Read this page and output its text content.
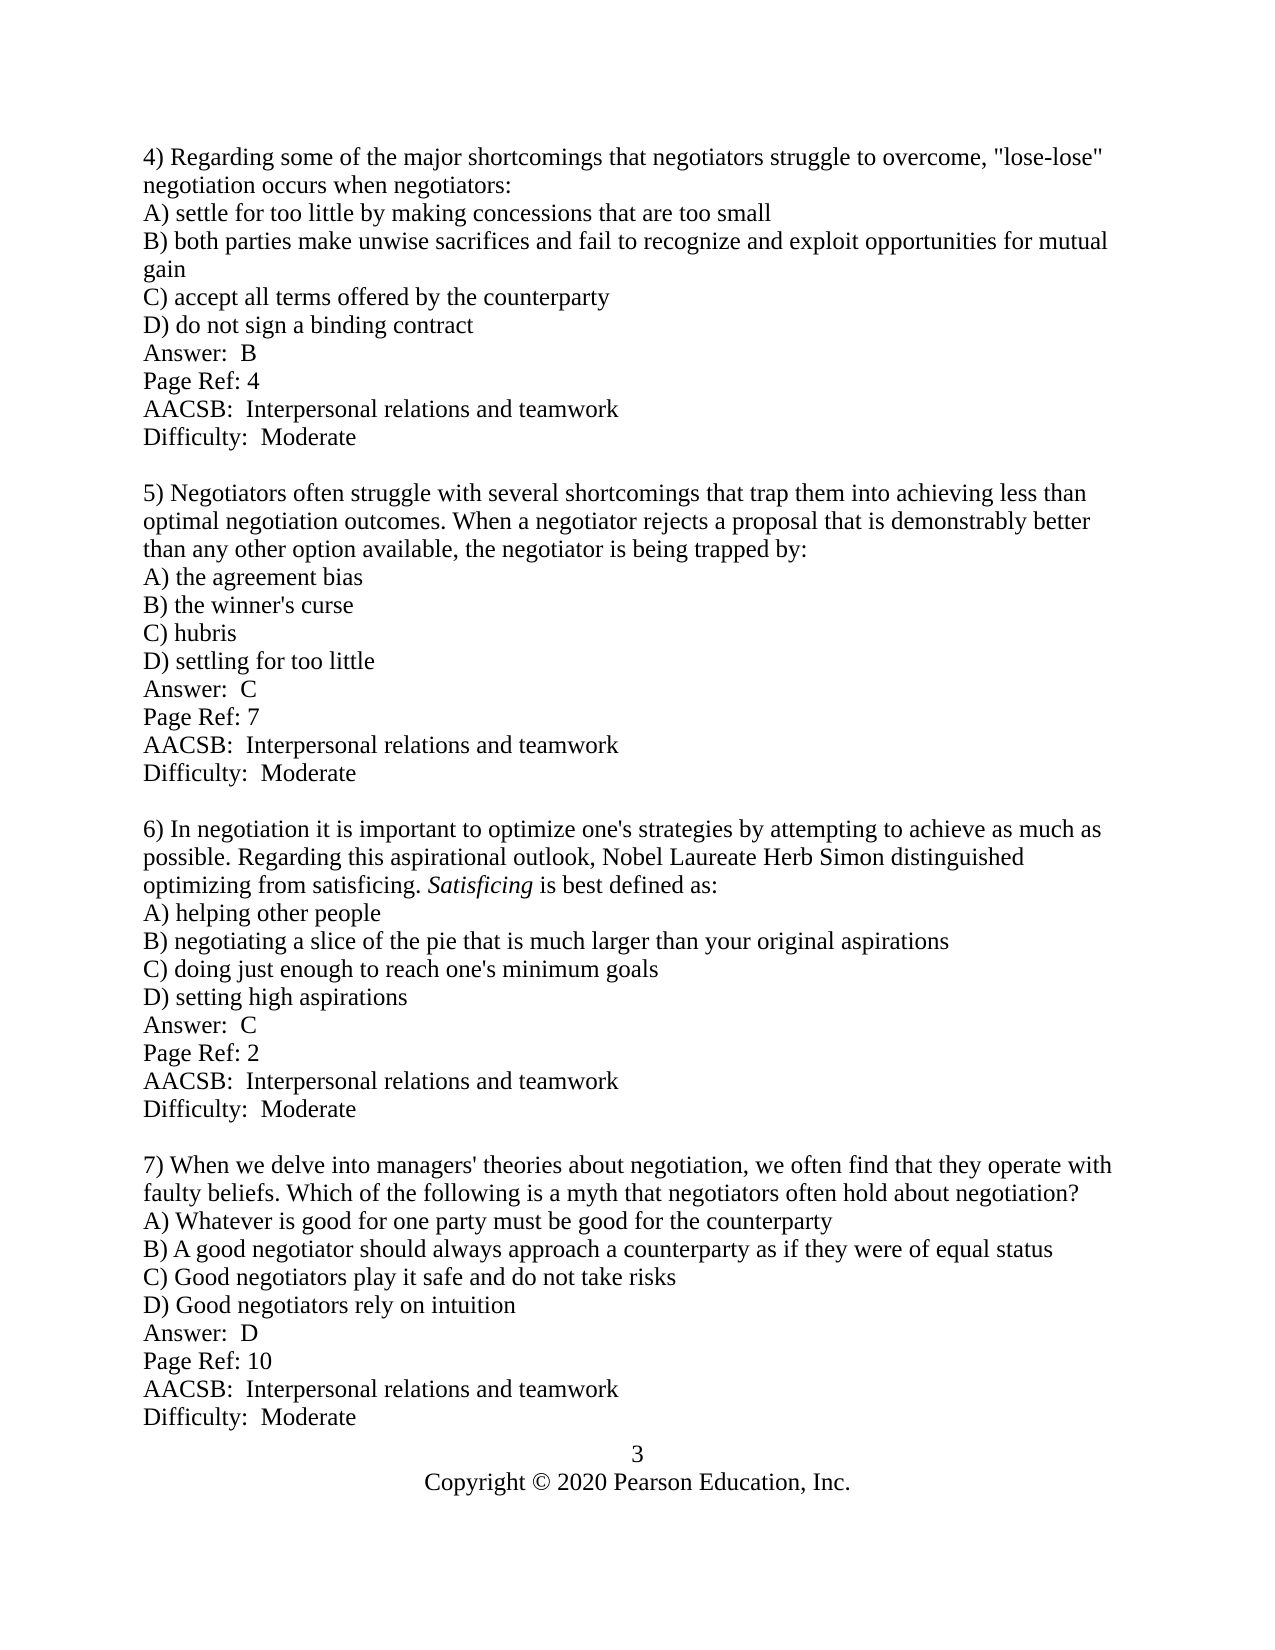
4) Regarding some of the major shortcomings that negotiators struggle to overcome, "lose-lose" negotiation occurs when negotiators:

A) settle for too little by making concessions that are too small

B) both parties make unwise sacrifices and fail to recognize and exploit opportunities for mutual gain

C) accept all terms offered by the counterparty

D) do not sign a binding contract

Answer:  B

Page Ref: 4

AACSB:  Interpersonal relations and teamwork

Difficulty:  Moderate

5) Negotiators often struggle with several shortcomings that trap them into achieving less than optimal negotiation outcomes. When a negotiator rejects a proposal that is demonstrably better than any other option available, the negotiator is being trapped by:

A) the agreement bias

B) the winner's curse

C) hubris

D) settling for too little

Answer:  C

Page Ref: 7

AACSB:  Interpersonal relations and teamwork

Difficulty:  Moderate

6) In negotiation it is important to optimize one's strategies by attempting to achieve as much as possible. Regarding this aspirational outlook, Nobel Laureate Herb Simon distinguished optimizing from satisficing. Satisficing is best defined as:

A) helping other people

B) negotiating a slice of the pie that is much larger than your original aspirations

C) doing just enough to reach one's minimum goals

D) setting high aspirations

Answer:  C

Page Ref: 2

AACSB:  Interpersonal relations and teamwork

Difficulty:  Moderate

7) When we delve into managers' theories about negotiation, we often find that they operate with faulty beliefs. Which of the following is a myth that negotiators often hold about negotiation?

A) Whatever is good for one party must be good for the counterparty

B) A good negotiator should always approach a counterparty as if they were of equal status

C) Good negotiators play it safe and do not take risks

D) Good negotiators rely on intuition

Answer:  D

Page Ref: 10

AACSB:  Interpersonal relations and teamwork

Difficulty:  Moderate

3
Copyright © 2020 Pearson Education, Inc.
